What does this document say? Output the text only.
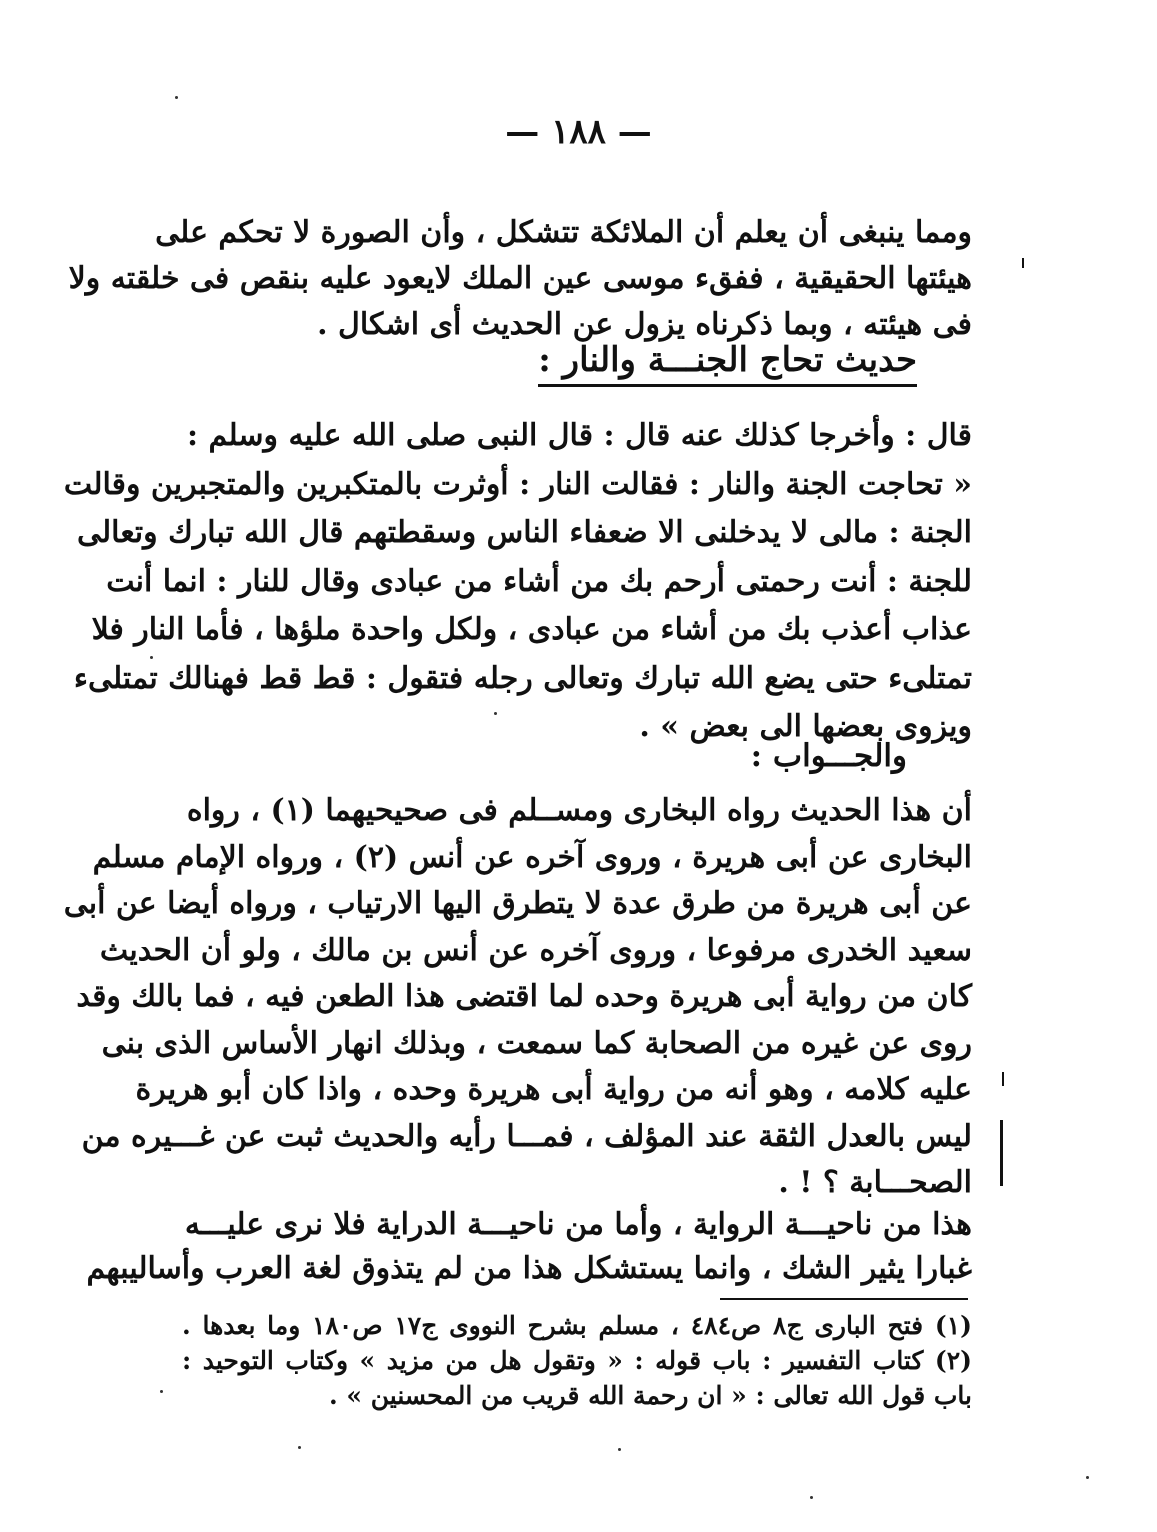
— ١٨٨ —
ومما ينبغى أن يعلم أن الملائكة تتشكل ، وأن الصورة لا تحكم على
هيئتها الحقيقية ، ففقء موسى عين الملك لايعود عليه بنقص فى خلقته ولا
فى هيئته ، وبما ذكرناه يزول عن الحديث أى اشكال .
حديث تحاج الجنـــة والنار :
قال : وأخرجا كذلك عنه قال : قال النبى صلى الله عليه وسلم :
« تحاجت الجنة والنار : فقالت النار : أوثرت بالمتكبرين والمتجبرين وقالت
الجنة : مالى لا يدخلنى الا ضعفاء الناس وسقطتهم قال الله تبارك وتعالى
للجنة : أنت رحمتى أرحم بك من أشاء من عبادى وقال للنار : انما أنت
عذاب أعذب بك من أشاء من عبادى ، ولكل واحدة ملؤها ، فأما النار فلا
تمتلىء حتى يضع الله تبارك وتعالى رجله فتقول : قط قط فهنالك تمتلىء
ويزوى بعضها الى بعض » .
والجـــواب :
أن هذا الحديث رواه البخارى ومســلم فى صحيحيهما (١) ، رواه
البخارى عن أبى هريرة ، وروى آخره عن أنس (٢) ، ورواه الإمام مسلم
عن أبى هريرة من طرق عدة لا يتطرق اليها الارتياب ، ورواه أيضا عن أبى
سعيد الخدرى مرفوعا ، وروى آخره عن أنس بن مالك ، ولو أن الحديث
كان من رواية أبى هريرة وحده لما اقتضى هذا الطعن فيه ، فما بالك وقد
روى عن غيره من الصحابة كما سمعت ، وبذلك انهار الأساس الذى بنى
عليه كلامه ، وهو أنه من رواية أبى هريرة وحده ، واذا كان أبو هريرة
ليس بالعدل الثقة عند المؤلف ، فمـــا رأيه والحديث ثبت عن غـــيره من
الصحـــابة ؟ ! .
هذا من ناحيـــة الرواية ، وأما من ناحيـــة الدراية فلا نرى عليـــه
غبارا يثير الشك ، وانما يستشكل هذا من لم يتذوق لغة العرب وأساليبهم
(١) فتح البارى ج٨ ص٤٨٤ ، مسلم بشرح النووى ج١٧ ص١٨٠ وما بعدها .
(٢) كتاب التفسير : باب قوله : « وتقول هل من مزيد » وكتاب التوحيد :
باب قول الله تعالى : « ان رحمة الله قريب من المحسنين » .
